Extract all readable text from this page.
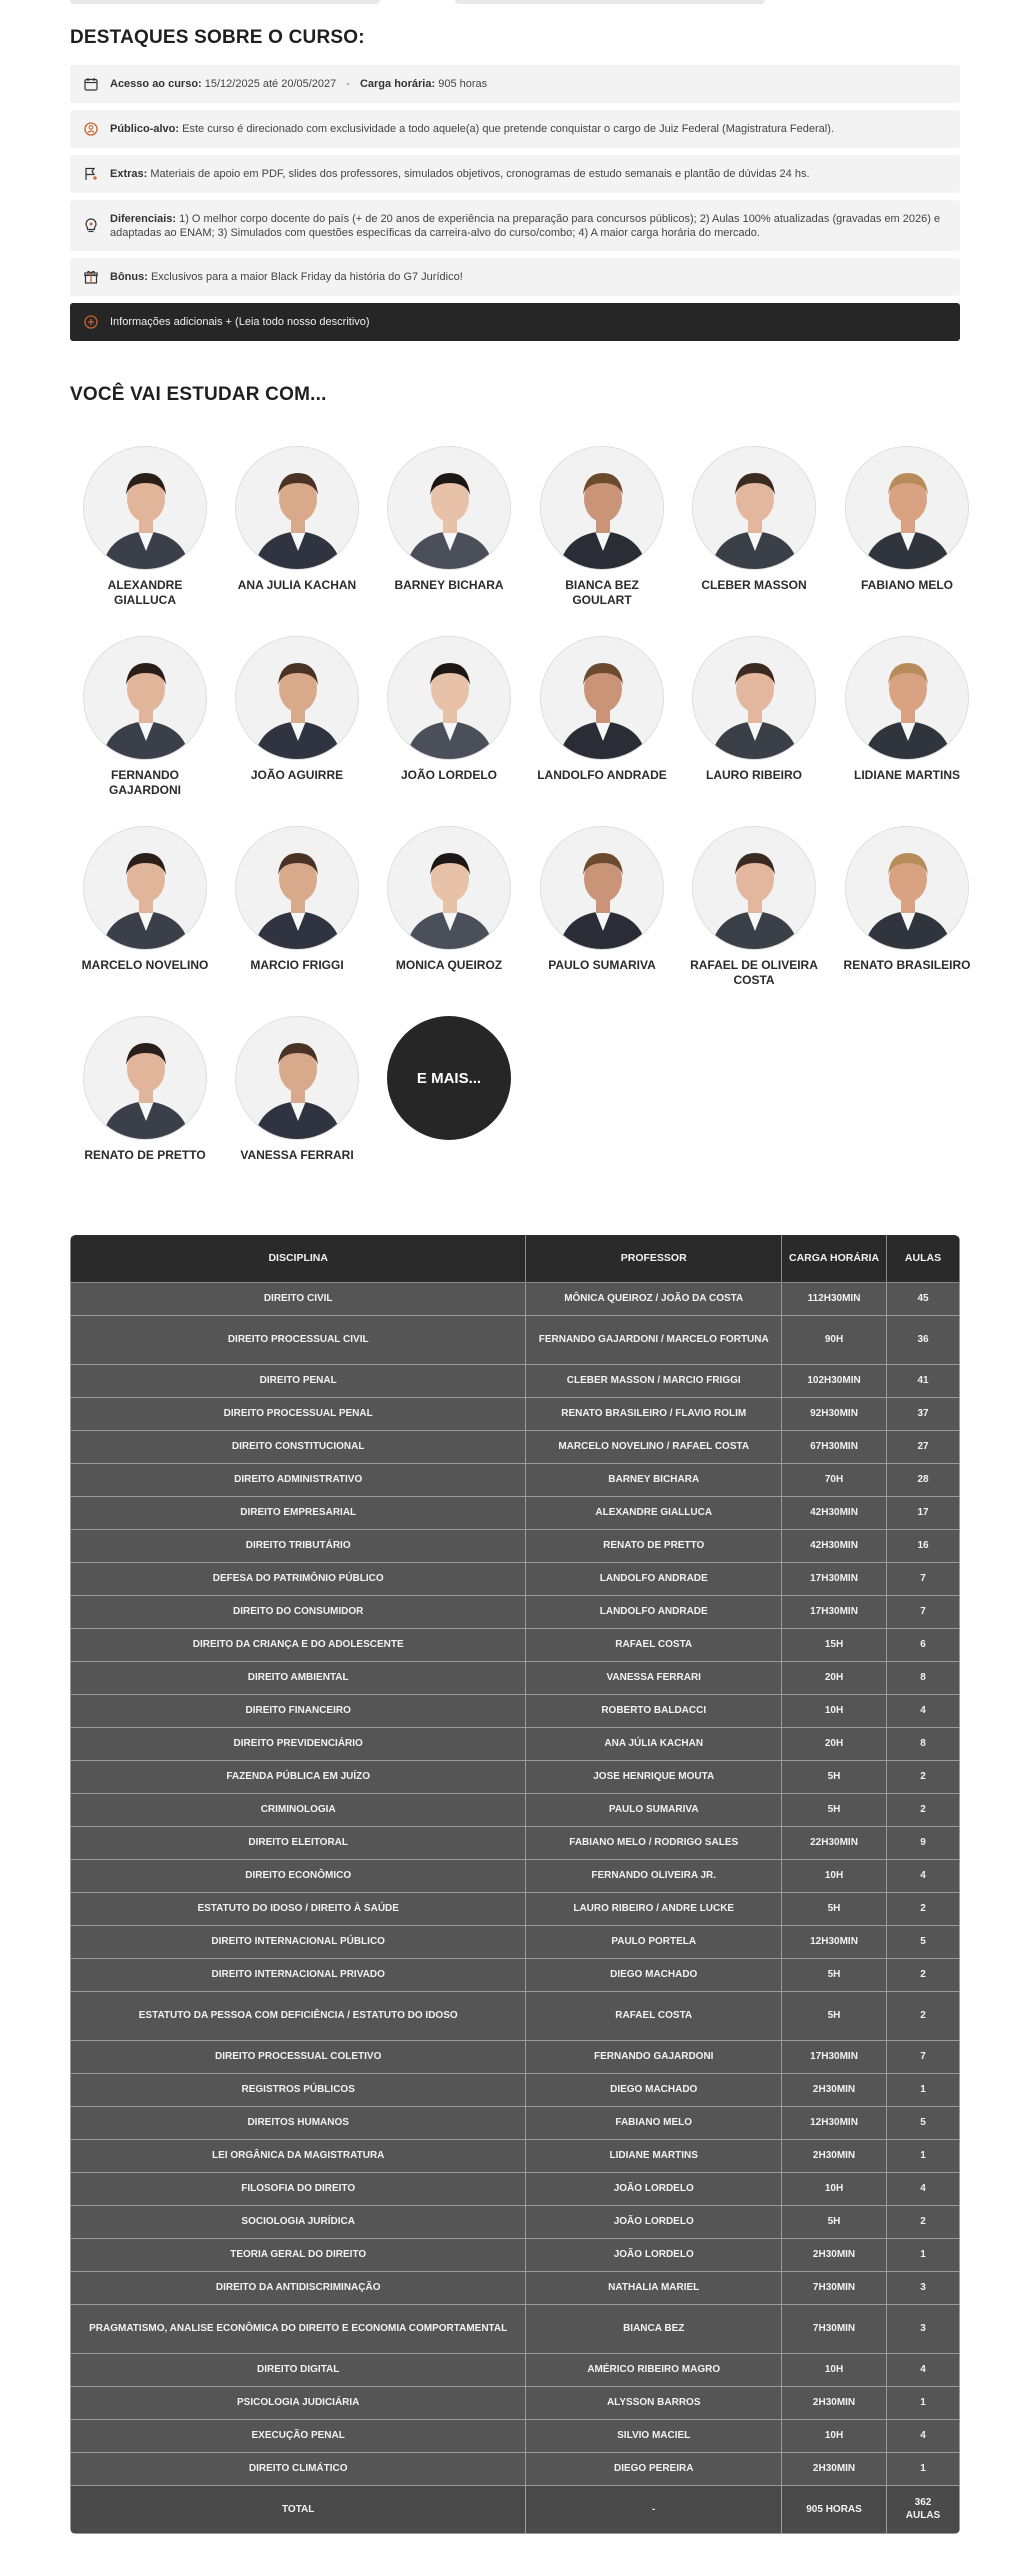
DESTAQUES SOBRE O CURSO:
Acesso ao curso: 15/12/2025 até 20/05/2027 - Carga horária: 905 horas
Público-alvo: Este curso é direcionado com exclusividade a todo aquele(a) que pretende conquistar o cargo de Juiz Federal (Magistratura Federal).
Extras: Materiais de apoio em PDF, slides dos professores, simulados objetivos, cronogramas de estudo semanais e plantão de dúvidas 24 hs.
Diferenciais: 1) O melhor corpo docente do país (+ de 20 anos de experiência na preparação para concursos públicos); 2) Aulas 100% atualizadas (gravadas em 2026) e adaptadas ao ENAM; 3) Simulados com questões específicas da carreira-alvo do curso/combo; 4) A maior carga horária do mercado.
Bônus: Exclusivos para a maior Black Friday da história do G7 Jurídico!
Informações adicionais + (Leia todo nosso descritivo)
VOCÊ VAI ESTUDAR COM...
ALEXANDRE GIALLUCA
ANA JULIA KACHAN	BARNEY BICHARA	BIANCA BEZ GOULART
CLEBER MASSON	FABIANO MELO
FERNANDO GAJARDONI
JOÃO AGUIRRE	JOÃO LORDELO	LANDOLFO ANDRADE	LAURO RIBEIRO	LIDIANE MARTINS
MARCELO NOVELINO	MARCIO FRIGGI	MONICA QUEIROZ	PAULO SUMARIVA	RAFAEL DE OLIVEIRA COSTA
RENATO BRASILEIRO
RENATO DE PRETTO	VANESSA FERRARI
E MAIS...
DISCIPLINA	PROFESSOR	CARGA HORÁRIA	AULAS
DIREITO CIVIL	MÔNICA QUEIROZ / JOÃO DA COSTA	112H30MIN	45
DIREITO PROCESSUAL CIVIL	FERNANDO GAJARDONI / MARCELO FORTUNA	90H	36
DIREITO PENAL	CLEBER MASSON / MARCIO FRIGGI	102H30MIN	41
DIREITO PROCESSUAL PENAL	RENATO BRASILEIRO / FLAVIO ROLIM	92H30MIN	37
DIREITO CONSTITUCIONAL	MARCELO NOVELINO / RAFAEL COSTA	67H30MIN	27
DIREITO ADMINISTRATIVO	BARNEY BICHARA	70H	28
DIREITO EMPRESARIAL	ALEXANDRE GIALLUCA	42H30MIN	17
DIREITO TRIBUTÁRIO	RENATO DE PRETTO	42H30MIN	16
DEFESA DO PATRIMÔNIO PÚBLICO	LANDOLFO ANDRADE	17H30MIN	7
DIREITO DO CONSUMIDOR	LANDOLFO ANDRADE	17H30MIN	7
DIREITO DA CRIANÇA E DO ADOLESCENTE	RAFAEL COSTA	15H	6
DIREITO AMBIENTAL	VANESSA FERRARI	20H	8
DIREITO FINANCEIRO	ROBERTO BALDACCI	10H	4
DIREITO PREVIDENCIÁRIO	ANA JÚLIA KACHAN	20H	8
FAZENDA PÚBLICA EM JUÍZO	JOSE HENRIQUE MOUTA	5H	2
CRIMINOLOGIA	PAULO SUMARIVA	5H	2
DIREITO ELEITORAL	FABIANO MELO / RODRIGO SALES	22H30MIN	9
DIREITO ECONÔMICO	FERNANDO OLIVEIRA JR.	10H	4
ESTATUTO DO IDOSO / DIREITO À SAÚDE	LAURO RIBEIRO / ANDRE LUCKE	5H	2
DIREITO INTERNACIONAL PÚBLICO	PAULO PORTELA	12H30MIN	5
DIREITO INTERNACIONAL PRIVADO	DIEGO MACHADO	5H	2
ESTATUTO DA PESSOA COM DEFICIÊNCIA / ESTATUTO DO IDOSO	RAFAEL COSTA	5H	2
DIREITO PROCESSUAL COLETIVO	FERNANDO GAJARDONI	17H30MIN	7
REGISTROS PÚBLICOS	DIEGO MACHADO	2H30MIN	1
DIREITOS HUMANOS	FABIANO MELO	12H30MIN	5
LEI ORGÂNICA DA MAGISTRATURA	LIDIANE MARTINS	2H30MIN	1
FILOSOFIA DO DIREITO	JOÃO LORDELO	10H	4
SOCIOLOGIA JURÍDICA	JOÃO LORDELO	5H	2
TEORIA GERAL DO DIREITO	JOÃO LORDELO	2H30MIN	1
DIREITO DA ANTIDISCRIMINAÇÃO	NATHALIA MARIEL	7H30MIN	3
PRAGMATISMO, ANALISE ECONÔMICA DO DIREITO E ECONOMIA COMPORTAMENTAL	BIANCA BEZ	7H30MIN	3
DIREITO DIGITAL	AMÉRICO RIBEIRO MAGRO	10H	4
PSICOLOGIA JUDICIÁRIA	ALYSSON BARROS	2H30MIN	1
EXECUÇÃO PENAL	SILVIO MACIEL	10H	4
DIREITO CLIMÁTICO	DIEGO PEREIRA	2H30MIN	1
TOTAL	-	905 HORAS	362 AULAS
